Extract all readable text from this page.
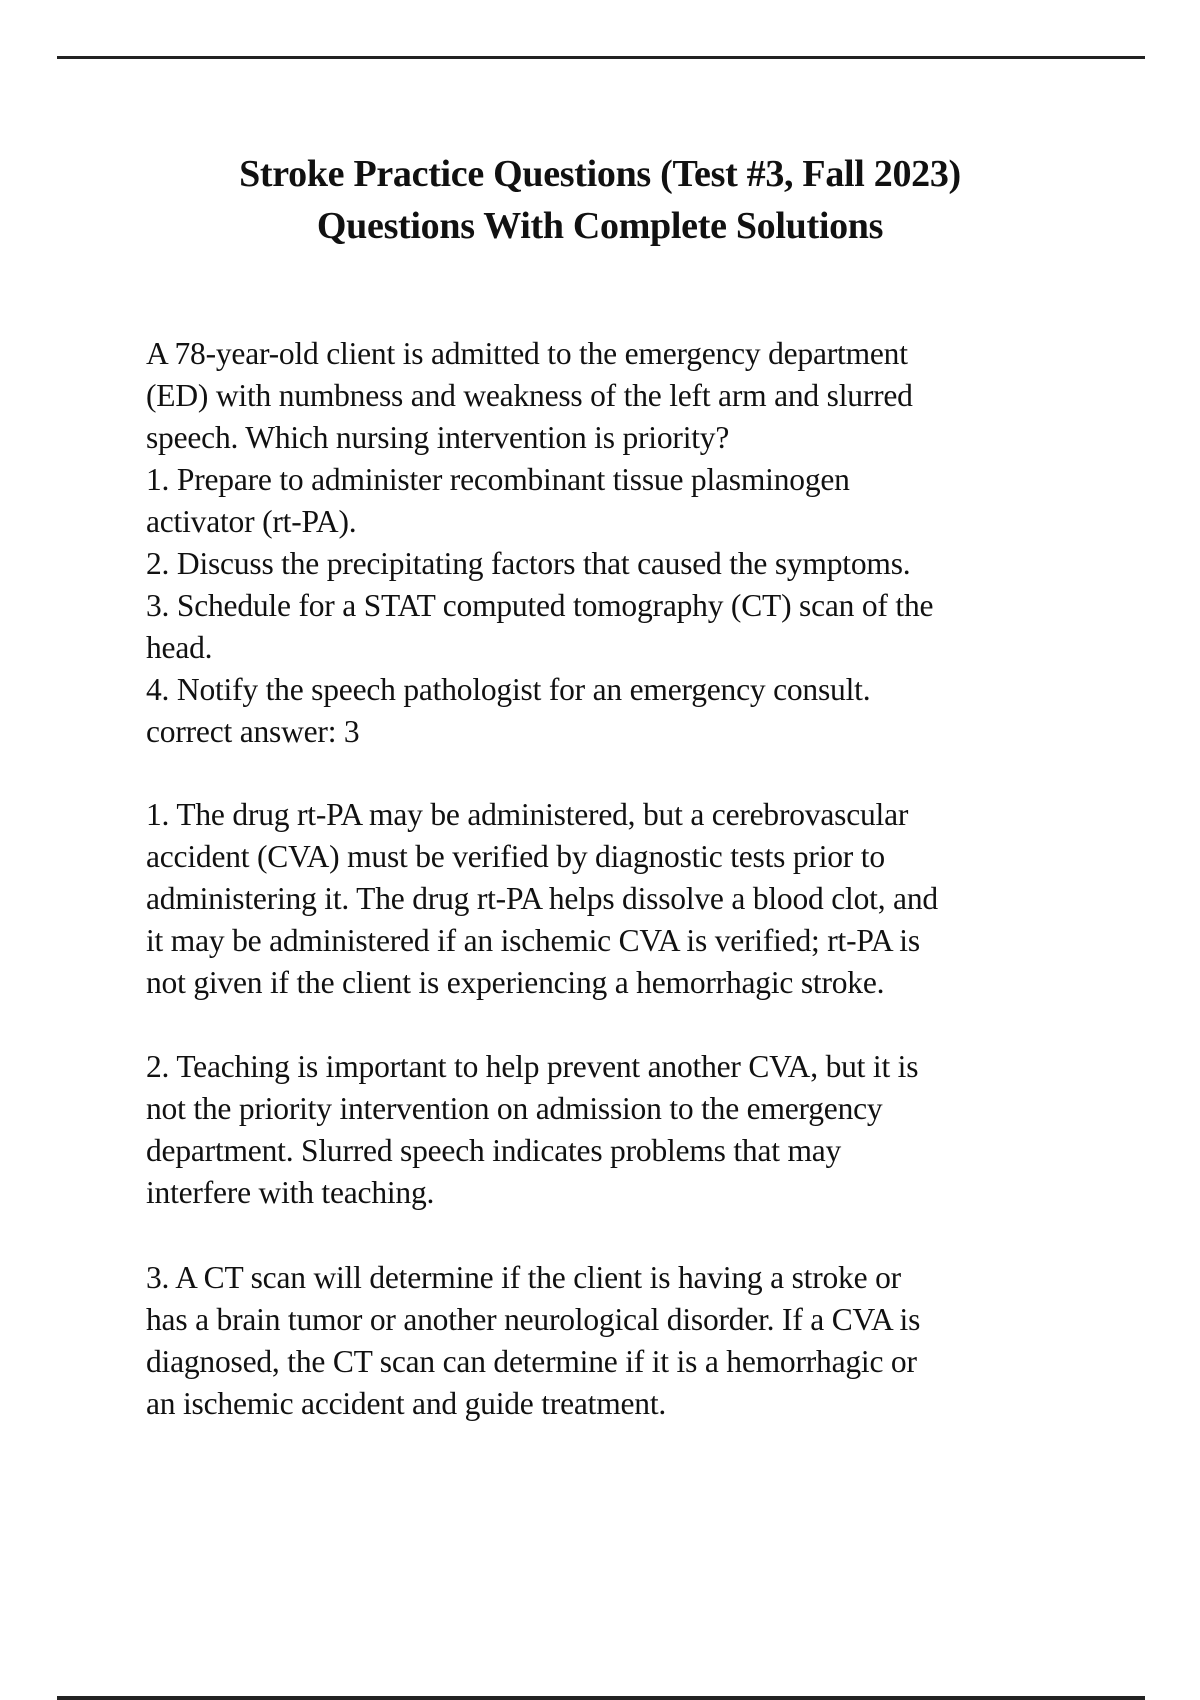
Stroke Practice Questions (Test #3, Fall 2023)
Questions With Complete Solutions
A 78-year-old client is admitted to the emergency department
(ED) with numbness and weakness of the left arm and slurred
speech. Which nursing intervention is priority?
1. Prepare to administer recombinant tissue plasminogen
activator (rt-PA).
2. Discuss the precipitating factors that caused the symptoms.
3. Schedule for a STAT computed tomography (CT) scan of the
head.
4. Notify the speech pathologist for an emergency consult.
correct answer: 3
1. The drug rt-PA may be administered, but a cerebrovascular
accident (CVA) must be verified by diagnostic tests prior to
administering it. The drug rt-PA helps dissolve a blood clot, and
it may be administered if an ischemic CVA is verified; rt-PA is
not given if the client is experiencing a hemorrhagic stroke.
2. Teaching is important to help prevent another CVA, but it is
not the priority intervention on admission to the emergency
department. Slurred speech indicates problems that may
interfere with teaching.
3. A CT scan will determine if the client is having a stroke or
has a brain tumor or another neurological disorder. If a CVA is
diagnosed, the CT scan can determine if it is a hemorrhagic or
an ischemic accident and guide treatment.
